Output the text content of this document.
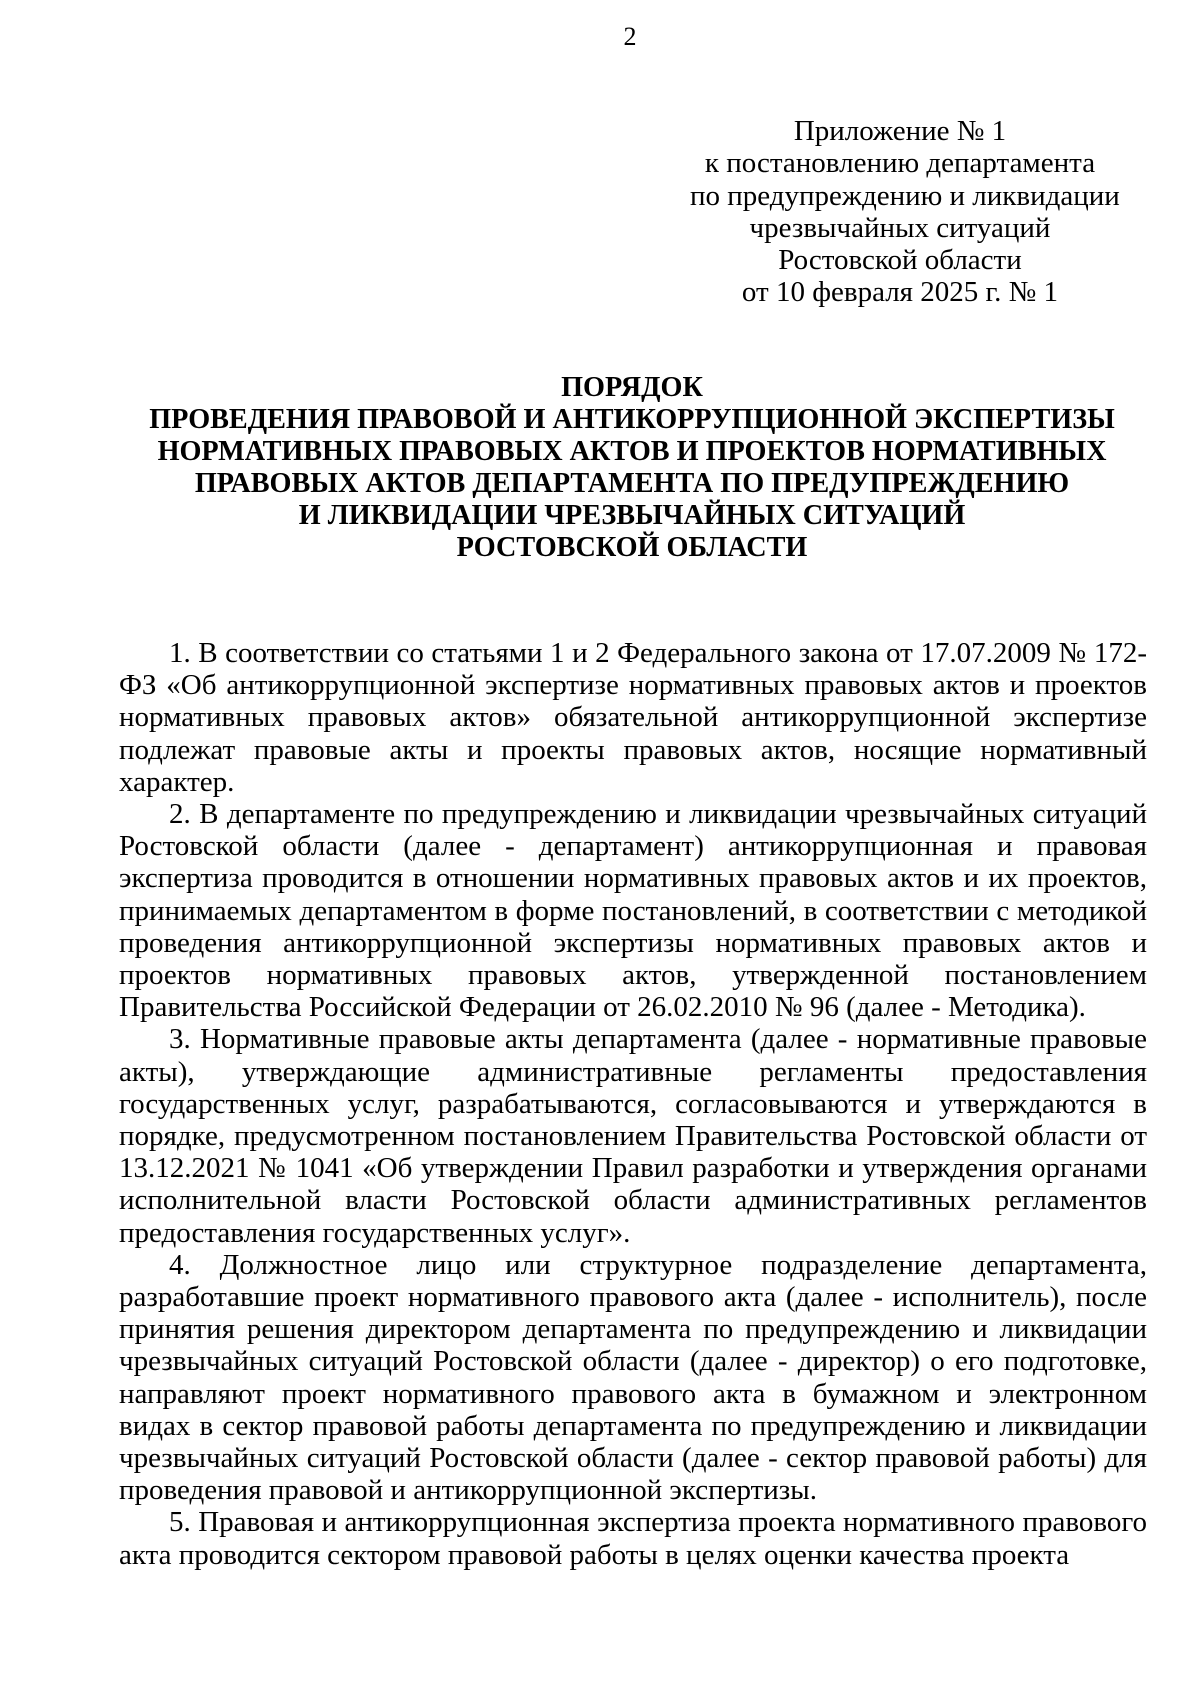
2
Приложение № 1
к постановлению департамента
по предупреждению и ликвидации
чрезвычайных ситуаций
Ростовской области
от 10 февраля 2025 г. № 1
ПОРЯДОК
ПРОВЕДЕНИЯ ПРАВОВОЙ И АНТИКОРРУПЦИОННОЙ ЭКСПЕРТИЗЫ
НОРМАТИВНЫХ ПРАВОВЫХ АКТОВ И ПРОЕКТОВ НОРМАТИВНЫХ
ПРАВОВЫХ АКТОВ ДЕПАРТАМЕНТА ПО ПРЕДУПРЕЖДЕНИЮ
И ЛИКВИДАЦИИ ЧРЕЗВЫЧАЙНЫХ СИТУАЦИЙ
РОСТОВСКОЙ ОБЛАСТИ

1. В соответствии со статьями 1 и 2 Федерального закона от 17.07.2009 № 172-ФЗ «Об антикоррупционной экспертизе нормативных правовых актов и проектов нормативных правовых актов» обязательной антикоррупционной экспертизе подлежат правовые акты и проекты правовых актов, носящие нормативный характер.

2. В департаменте по предупреждению и ликвидации чрезвычайных ситуаций Ростовской области (далее - департамент) антикоррупционная и правовая экспертиза проводится в отношении нормативных правовых актов и их проектов, принимаемых департаментом в форме постановлений, в соответствии с методикой проведения антикоррупционной экспертизы нормативных правовых актов и проектов нормативных правовых актов, утвержденной постановлением Правительства Российской Федерации от 26.02.2010 № 96 (далее - Методика).

3. Нормативные правовые акты департамента (далее - нормативные правовые акты), утверждающие административные регламенты предоставления государственных услуг, разрабатываются, согласовываются и утверждаются в порядке, предусмотренном постановлением Правительства Ростовской области от 13.12.2021 № 1041 «Об утверждении Правил разработки и утверждения органами исполнительной власти Ростовской области административных регламентов предоставления государственных услуг».

4. Должностное лицо или структурное подразделение департамента, разработавшие проект нормативного правового акта (далее - исполнитель), после принятия решения директором департамента по предупреждению и ликвидации чрезвычайных ситуаций Ростовской области (далее - директор) о его подготовке, направляют проект нормативного правового акта в бумажном и электронном видах в сектор правовой работы департамента по предупреждению и ликвидации чрезвычайных ситуаций Ростовской области (далее - сектор правовой работы) для проведения правовой и антикоррупционной экспертизы.

5. Правовая и антикоррупционная экспертиза проекта нормативного правового акта проводится сектором правовой работы в целях оценки качества проекта
